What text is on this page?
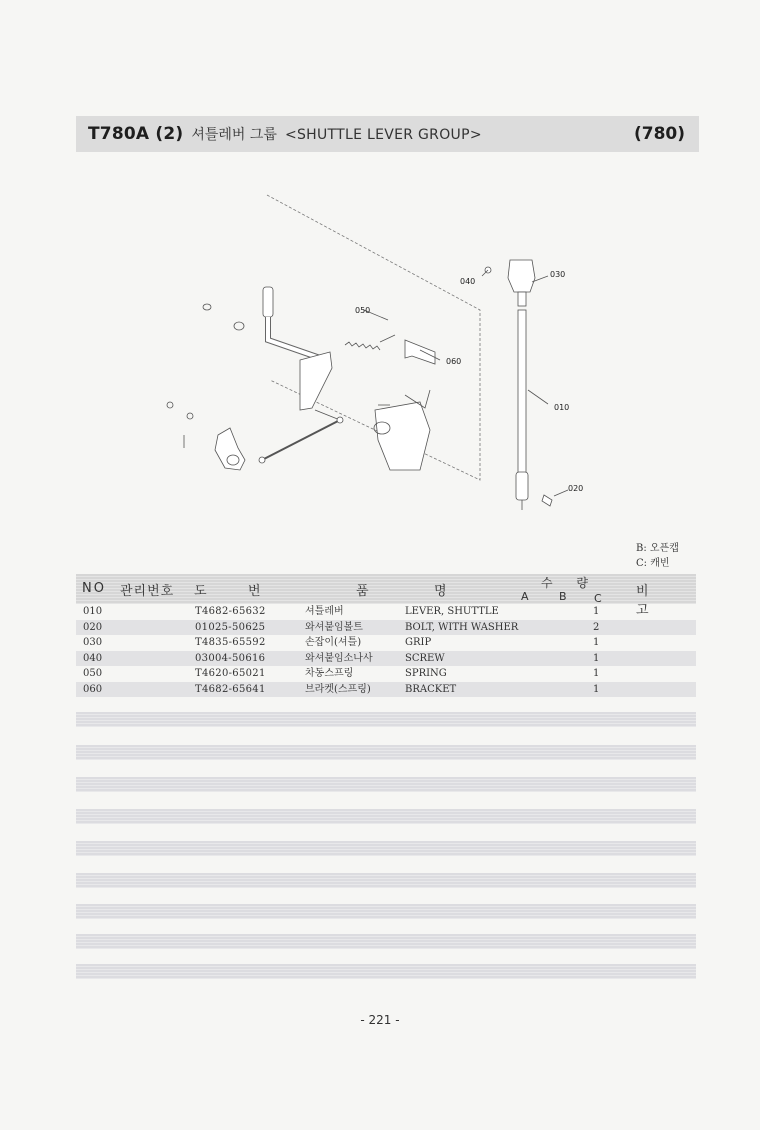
T780A (2) 셔틀레버 그룹 <SHUTTLE LEVER GROUP>	(780)
040
030
050
060
010
020
B: 오픈캡
C: 캐빈
NO 관리번호 도	번	품	명
수 량
A	B C	비 고
010	T4682-65632	셔틀레버	LEVER, SHUTTLE	1
020	01025-50625	와셔붙임볼트	BOLT, WITH WASHER	2
030	T4835-65592	손잡이(셔틀)	GRIP	1
040	03004-50616	와셔붙임소나사	SCREW	1
050	T4620-65021	차동스프링	SPRING	1
060	T4682-65641	브라켓(스프링)	BRACKET	1
- 221 -
